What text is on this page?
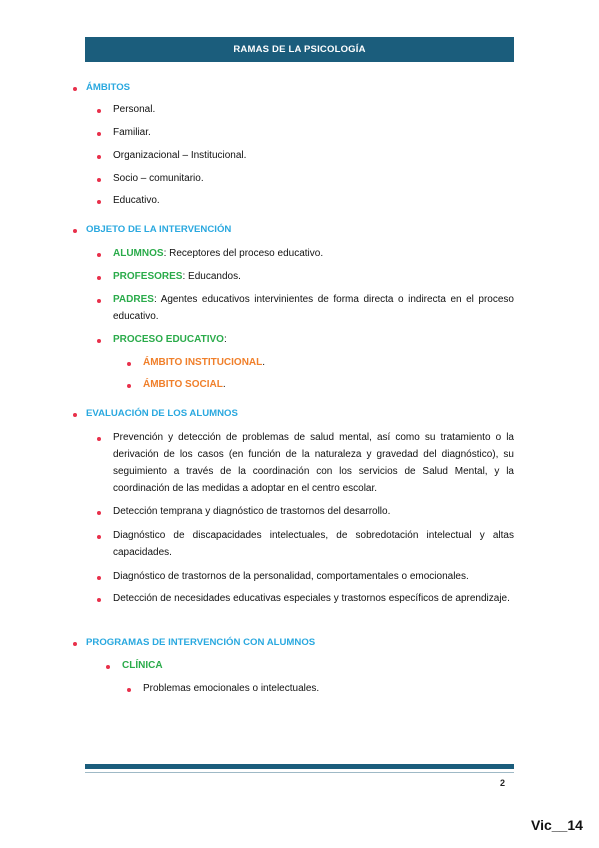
RAMAS DE LA PSICOLOGÍA
ÁMBITOS
Personal.
Familiar.
Organizacional – Institucional.
Socio – comunitario.
Educativo.
OBJETO DE LA INTERVENCIÓN
ALUMNOS: Receptores del proceso educativo.
PROFESORES: Educandos.
PADRES: Agentes educativos intervinientes de forma directa o indirecta en el proceso educativo.
PROCESO EDUCATIVO:
ÁMBITO INSTITUCIONAL.
ÁMBITO SOCIAL.
EVALUACIÓN DE LOS ALUMNOS
Prevención y detección de problemas de salud mental, así como su tratamiento o la derivación de los casos (en función de la naturaleza y gravedad del diagnóstico), su seguimiento a través de la coordinación con los servicios de Salud Mental, y la coordinación de las medidas a adoptar en el centro escolar.
Detección temprana y diagnóstico de trastornos del desarrollo.
Diagnóstico de discapacidades intelectuales, de sobredotación intelectual y altas capacidades.
Diagnóstico de trastornos de la personalidad, comportamentales o emocionales.
Detección de necesidades educativas especiales y trastornos específicos de aprendizaje.
PROGRAMAS DE INTERVENCIÓN CON ALUMNOS
CLÍNICA
Problemas emocionales o intelectuales.
2
Vic__14
